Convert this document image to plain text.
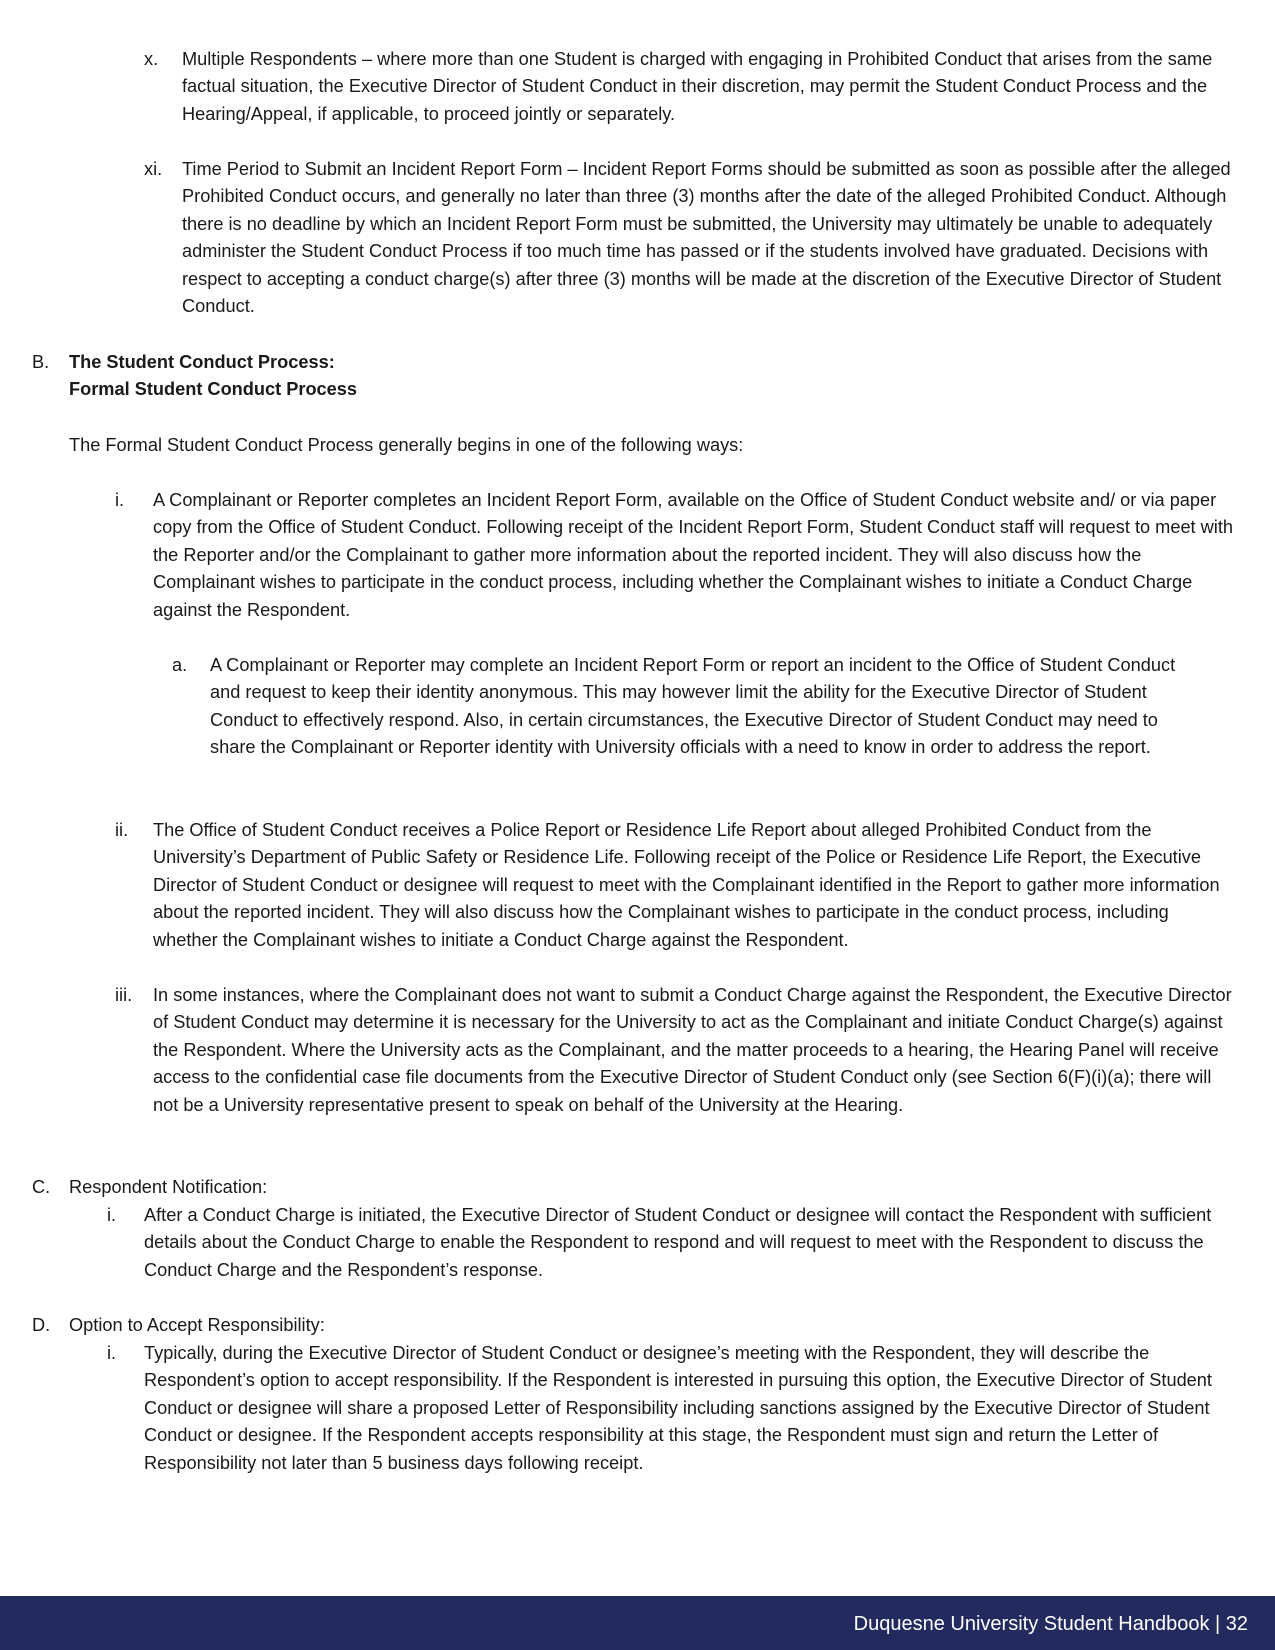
x. Multiple Respondents – where more than one Student is charged with engaging in Prohibited Conduct that arises from the same factual situation, the Executive Director of Student Conduct in their discretion, may permit the Student Conduct Process and the Hearing/Appeal, if applicable, to proceed jointly or separately.

xi. Time Period to Submit an Incident Report Form – Incident Report Forms should be submitted as soon as possible after the alleged Prohibited Conduct occurs, and generally no later than three (3) months after the date of the alleged Prohibited Conduct. Although there is no deadline by which an Incident Report Form must be submitted, the University may ultimately be unable to adequately administer the Student Conduct Process if too much time has passed or if the students involved have graduated. Decisions with respect to accepting a conduct charge(s) after three (3) months will be made at the discretion of the Executive Director of Student Conduct.

B. The Student Conduct Process:

Formal Student Conduct Process

The Formal Student Conduct Process generally begins in one of the following ways:

i. A Complainant or Reporter completes an Incident Report Form, available on the Office of Student Conduct website and/ or via paper copy from the Office of Student Conduct. Following receipt of the Incident Report Form, Student Conduct staff will request to meet with the Reporter and/or the Complainant to gather more information about the reported incident. They will also discuss how the Complainant wishes to participate in the conduct process, including whether the Complainant wishes to initiate a Conduct Charge against the Respondent.

a. A Complainant or Reporter may complete an Incident Report Form or report an incident to the Office of Student Conduct and request to keep their identity anonymous. This may however limit the ability for the Executive Director of Student Conduct to effectively respond. Also, in certain circumstances, the Executive Director of Student Conduct may need to share the Complainant or Reporter identity with University officials with a need to know in order to address the report.

ii. The Office of Student Conduct receives a Police Report or Residence Life Report about alleged Prohibited Conduct from the University’s Department of Public Safety or Residence Life. Following receipt of the Police or Residence Life Report, the Executive Director of Student Conduct or designee will request to meet with the Complainant identified in the Report to gather more information about the reported incident. They will also discuss how the Complainant wishes to participate in the conduct process, including whether the Complainant wishes to initiate a Conduct Charge against the Respondent.

iii. In some instances, where the Complainant does not want to submit a Conduct Charge against the Respondent, the Executive Director of Student Conduct may determine it is necessary for the University to act as the Complainant and initiate Conduct Charge(s) against the Respondent. Where the University acts as the Complainant, and the matter proceeds to a hearing, the Hearing Panel will receive access to the confidential case file documents from the Executive Director of Student Conduct only (see Section 6(F)(i)(a); there will not be a University representative present to speak on behalf of the University at the Hearing.

C. Respondent Notification:

i. After a Conduct Charge is initiated, the Executive Director of Student Conduct or designee will contact the Respondent with sufficient details about the Conduct Charge to enable the Respondent to respond and will request to meet with the Respondent to discuss the Conduct Charge and the Respondent’s response.

D. Option to Accept Responsibility:

i. Typically, during the Executive Director of Student Conduct or designee’s meeting with the Respondent, they will describe the Respondent’s option to accept responsibility. If the Respondent is interested in pursuing this option, the Executive Director of Student Conduct or designee will share a proposed Letter of Responsibility including sanctions assigned by the Executive Director of Student Conduct or designee. If the Respondent accepts responsibility at this stage, the Respondent must sign and return the Letter of Responsibility not later than 5 business days following receipt.

Duquesne University Student Handbook | 32
